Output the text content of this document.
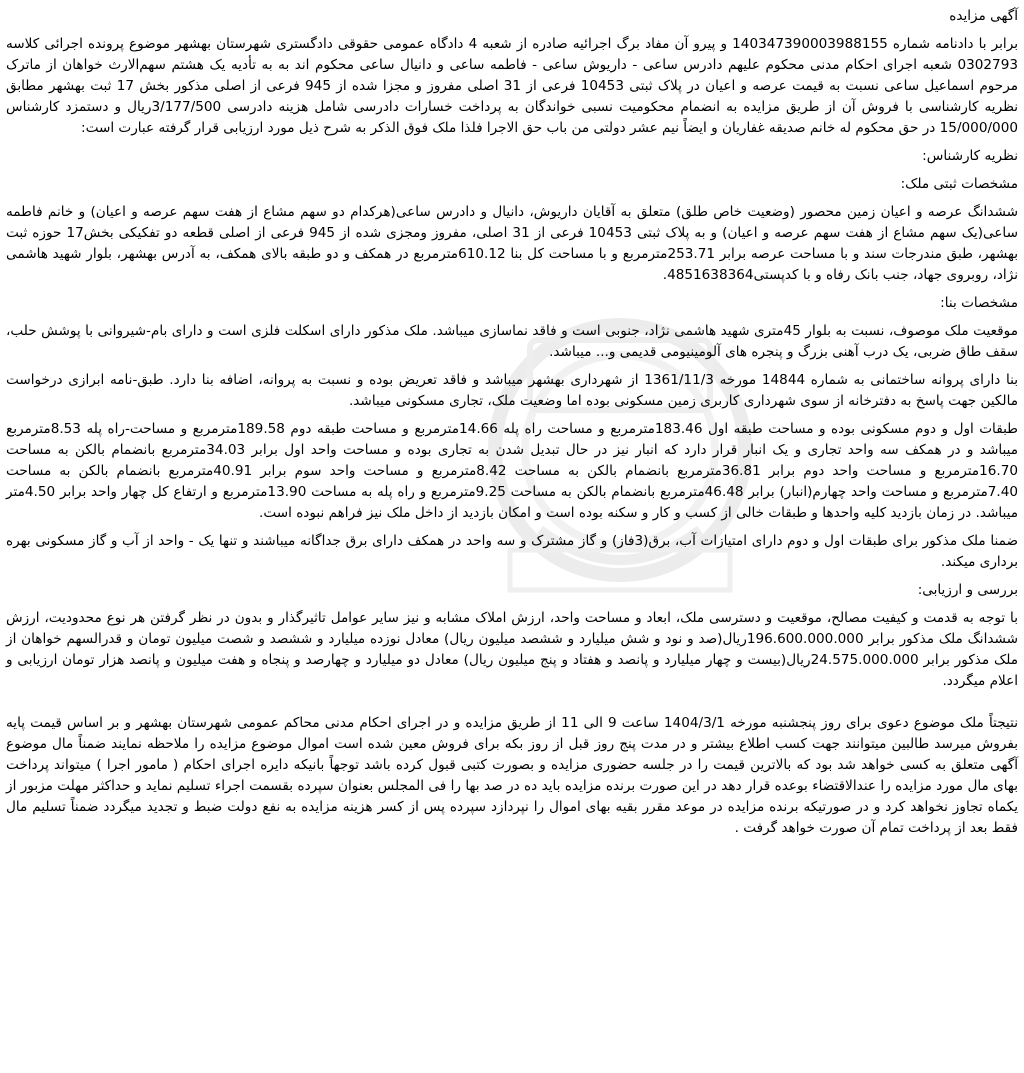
آگهی مزایده
برابر با دادنامه شماره 140347390003988155 و پیرو آن مفاد برگ اجرائیه صادره از شعبه 4 دادگاه عمومی حقوقی دادگستری شهرستان بهشهر موضوع پرونده اجرائی کلاسه 0302793 شعبه اجرای احکام مدنی محکوم علیهم دادرس ساعی - داریوش ساعی - فاطمه ساعی و دانیال ساعی محکوم اند به به تأدیه یک هشتم سهم‌الارث خواهان از ماترک مرحوم اسماعیل ساعی نسبت به قیمت عرصه و اعیان در پلاک ثبتی 10453 فرعی از 31 اصلی مفروز و مجزا شده از 945 فرعی از اصلی مذکور بخش 17 ثبت بهشهر مطابق نظریه کارشناسی با فروش آن از طریق مزایده به انضمام محکومیت نسبی خواندگان به پرداخت خسارات دادرسی شامل هزینه دادرسی 3/177/500ریال و دستمزد کارشناس 15/000/000 در حق محکوم له خانم صدیقه غفاریان و ایضاً نیم عشر دولتی من باب حق الاجرا فلذا ملک فوق الذکر به شرح ذیل مورد ارزیابی قرار گرفته عبارت است:
نظریه کارشناس:
مشخصات ثبتی ملک:
ششدانگ عرصه و اعیان زمین محصور (وضعیت خاص طلق) متعلق به آقایان داریوش، دانیال و دادرس ساعی(هرکدام دو سهم مشاع از هفت سهم عرصه و اعیان) و خانم فاطمه ساعی(یک سهم مشاع از هفت سهم عرصه و اعیان) و به پلاک ثبتی 10453 فرعی از 31 اصلی، مفروز ومجزی شده از 945 فرعی از اصلی قطعه دو تفکیکی بخش17 حوزه ثبت بهشهر، طبق مندرجات سند و با مساحت عرصه برابر 253.71مترمربع و با مساحت کل بنا 610.12مترمربع در همکف و دو طبقه بالای همکف، به آدرس بهشهر، بلوار شهید هاشمی نژاد، روبروی جهاد، جنب بانک رفاه و با کدپستی4851638364.
مشخصات بنا:
موقعیت ملک موصوف، نسبت به بلوار 45متری شهید هاشمی نژاد، جنوبی است و فاقد نماسازی میباشد. ملک مذکور دارای اسکلت فلزی است و دارای بام-شیروانی با پوشش حلب، سقف طاق ضربی، یک درب آهنی بزرگ و پنجره های آلومینیومی قدیمی و... میباشد.
بنا دارای پروانه ساختمانی به شماره 14844 مورخه 1361/11/3 از شهرداری بهشهر میباشد و فاقد تعریض بوده و نسبت به پروانه، اضافه بنا دارد. طبق-نامه ابرازی درخواست مالکین جهت پاسخ به دفترخانه از سوی شهرداری کاربری زمین مسکونی بوده اما وضعیت ملک، تجاری مسکونی میباشد.
طبقات اول و دوم مسکونی بوده و مساحت طبقه اول 183.46مترمربع و مساحت راه پله 14.66مترمربع و مساحت طبقه دوم 189.58مترمربع و مساحت-راه پله 8.53مترمربع میباشد و در همکف سه واحد تجاری و یک انبار قرار دارد که انبار نیز در حال تبدیل شدن به تجاری بوده و مساحت واحد اول برابر 34.03مترمربع بانضمام بالکن به مساحت 16.70مترمربع و مساحت واحد دوم برابر 36.81مترمربع بانضمام بالکن به مساحت 8.42مترمربع و مساحت واحد سوم برابر 40.91مترمربع بانضمام بالکن به مساحت 7.40مترمربع و مساحت واحد چهارم(انبار) برابر 46.48مترمربع بانضمام بالکن به مساحت 9.25مترمربع و راه پله به مساحت 13.90مترمربع و ارتفاع کل چهار واحد برابر 4.50متر میباشد. در زمان بازدید کلیه واحدها و طبقات خالی از کسب و کار و سکنه بوده است و امکان بازدید از داخل ملک نیز فراهم نبوده است.
ضمنا ملک مذکور برای طبقات اول و دوم دارای امتیازات آب، برق(3فاز) و گاز مشترک و سه واحد در همکف دارای برق جداگانه میباشند و تنها یک - واحد از آب و گاز مسکونی بهره برداری میکند.
بررسی و ارزیابی:
با توجه به قدمت و کیفیت مصالح، موقعیت و دسترسی ملک، ابعاد و مساحت واحد، ارزش املاک مشابه و نیز سایر عوامل تاثیرگذار و بدون در نظر گرفتن هر نوع محدودیت، ارزش ششدانگ ملک مذکور برابر 196.600.000.000ریال(صد و نود و شش میلیارد و ششصد میلیون ریال) معادل نوزده میلیارد و ششصد و شصت میلیون تومان و قدرالسهم خواهان از ملک مذکور برابر 24.575.000.000ریال(بیست و چهار میلیارد و پانصد و هفتاد و پنج میلیون ریال) معادل دو میلیارد و چهارصد و پنجاه و هفت میلیون و پانصد هزار تومان ارزیابی و اعلام میگردد.
نتیجتاً ملک موضوع دعوی برای روز پنجشنبه مورخه 1404/3/1 ساعت 9 الی 11 از طریق مزایده و در اجرای احکام مدنی محاکم عمومی شهرستان بهشهر و بر اساس قیمت پایه بفروش میرسد طالبین میتوانند جهت کسب اطلاع بیشتر و در مدت پنج روز قبل از روز بکه برای فروش معین شده است اموال موضوع مزایده را ملاحظه نمایند ضمناً مال موضوع آگهی متعلق به کسی خواهد شد بود که بالاترین قیمت را در جلسه حضوری مزایده و بصورت کتبی قبول کرده باشد توجهاً بانیکه دایره اجرای احکام ( مامور اجرا ) میتواند پرداخت بهای مال مورد مزایده را عندالاقتضاء بوعده قرار دهد در این صورت برنده مزایده باید ده در صد بها را فی المجلس بعنوان سپرده بقسمت اجراء تسلیم نماید و حداکثر مهلت مزبور از یکماه تجاوز نخواهد کرد و در صورتیکه برنده مزایده در موعد مقرر بقیه بهای اموال را نپردازد سپرده پس از کسر هزینه مزایده به نفع دولت ضبط و تجدید میگردد ضمناً تسلیم مال فقط بعد از پرداخت تمام آن صورت خواهد گرفت .
